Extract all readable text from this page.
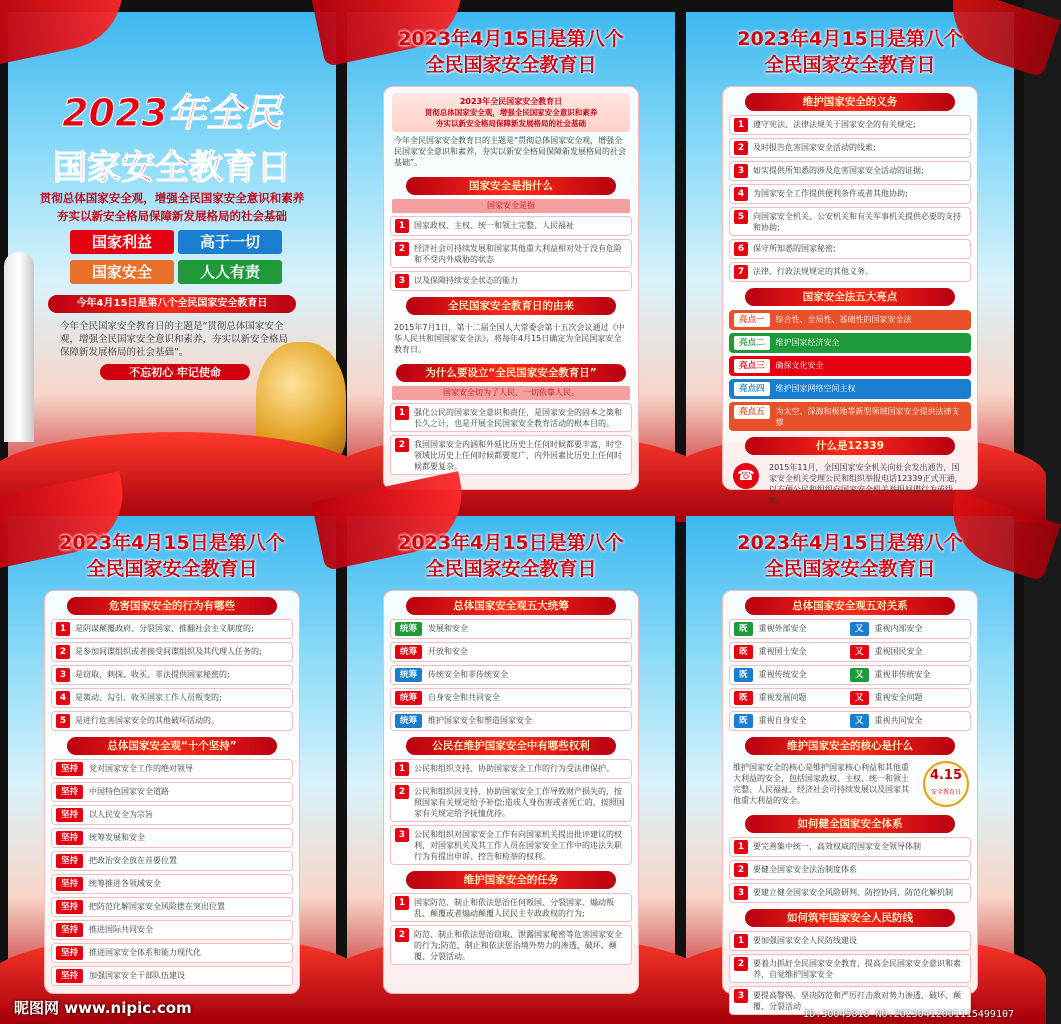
2023年全民
国家安全教育日
贯彻总体国家安全观，增强全民国家安全意识和素养
夯实以新安全格局保障新发展格局的社会基础
国家利益	高于一切
国家安全	人人有责
今年4月15日是第八个全民国家安全教育日
今年全民国家安全教育日的主题是“贯彻总体国家安全观，增强全民国家安全意识和素养，夯实以新安全格局保障新发展格局的社会基础”。
不忘初心 牢记使命
2023年4月15日是第八个
全民国家安全教育日
2023年全民国家安全教育日
贯彻总体国家安全观，增强全民国家安全意识和素养
夯实以新安全格局保障新发展格局的社会基础
今年全民国家安全教育日的主题是“贯彻总体国家安全观，增强全民国家安全意识和素养，夯实以新安全格局保障新发展格局的社会基础”。
国家安全是指什么
国家安全是指
1	国家政权、主权、统一和领土完整、人民福祉
2	经济社会可持续发展和国家其他重大利益相对处于没有危险和不受内外威胁的状态
3	以及保障持续安全状态的能力
全民国家安全教育日的由来
2015年7月1日，第十二届全国人大常委会第十五次会议通过《中华人民共和国国家安全法》，将每年4月15日确定为全民国家安全教育日。
为什么要设立“全民国家安全教育日”
国家安全切为了人民、一切依靠人民。
1	强化公民的国家安全意识和责任，是国家安全的固本之策和长久之计，也是开展全民国家安全教育活动的根本目的。
2	我国国家安全内涵和外延比历史上任何时候都要丰富，时空领域比历史上任何时候都要宽广，内外因素比历史上任何时候都要复杂。
2023年4月15日是第八个
全民国家安全教育日
维护国家安全的义务
1	遵守宪法、法律法规关于国家安全的有关规定;
2	及时报告危害国家安全活动的线索;
3	如实提供所知悉的涉及危害国家安全活动的证据;
4	为国家安全工作提供便利条件或者其他协助;
5	向国家安全机关、公安机关和有关军事机关提供必要的支持和协助;
6	保守所知悉的国家秘密;
7	法律、行政法规规定的其他义务。
国家安全法五大亮点
亮点一	综合性、全局性、基础性的国家安全法
亮点二	维护国家经济安全
亮点三	确保文化安全
亮点四	维护国家网络空间主权
亮点五	为太空、深海和极地等新型领域国家安全提供法律支撑
什么是12339
☎
2015年11月，全国国家安全机关向社会发出通告，国家安全机关受理公民和组织举报电话12339正式开通，以方便公民和组织向国家安全机关举报间谍行为或线索。
2023年4月15日是第八个
全民国家安全教育日
危害国家安全的行为有哪些
1	是阴谋颠覆政府、分裂国家、推翻社会主义制度的;
2	是参加间谍组织或者接受间谍组织及其代理人任务的;
3	是窃取、刺探、收买、非法提供国家秘密的;
4	是策动、勾引、收买国家工作人员叛变的;
5	是进行危害国家安全的其他破坏活动的。
总体国家安全观“十个坚持”
坚持	党对国家安全工作的绝对领导
坚持	中国特色国家安全道路
坚持	以人民安全为宗旨
坚持	统筹发展和安全
坚持	把政治安全放在首要位置
坚持	统筹推进各领域安全
坚持	把防范化解国家安全风险摆在突出位置
坚持	推进国际共同安全
坚持	推进国家安全体系和能力现代化
坚持	加强国家安全干部队伍建设
2023年4月15日是第八个
全民国家安全教育日
总体国家安全观五大统筹
统筹	发展和安全
统筹	开放和安全
统筹	传统安全和非传统安全
统筹	自身安全和共同安全
统筹	维护国家安全和塑造国家安全
公民在维护国家安全中有哪些权利
1	公民和组织支持、协助国家安全工作的行为受法律保护。
2	公民和组织因支持、协助国家安全工作导致财产损失的，按照国家有关规定给予补偿;造成人身伤害或者死亡的，按照国家有关规定给予抚恤优待。
3	公民和组织对国家安全工作有向国家机关提出批评建议的权利，对国家机关及其工作人员在国家安全工作中的违法失职行为有提出申诉、控告和检举的权利。
维护国家安全的任务
1	国家防范、制止和依法惩治任何叛国、分裂国家、煽动叛乱、颠覆或者煽动颠覆人民民主专政政权的行为;
2	防范、制止和依法惩治窃取、泄露国家秘密等危害国家安全的行为;防范、制止和依法惩治境外势力的渗透、破坏、颠覆、分裂活动。
2023年4月15日是第八个
全民国家安全教育日
总体国家安全观五对关系
既	重视外部安全	又	重视内部安全
既	重视国土安全	又	重视国民安全
既	重视传统安全	又	重视非传统安全
既	重视发展问题	又	重视安全问题
既	重视自身安全	又	重视共同安全
维护国家安全的核心是什么
维护国家安全的核心是维护国家核心利益和其他重大利益的安全，包括国家政权、主权、统一和领土完整、人民福祉、经济社会可持续发展以及国家其他重大利益的安全。
4.15
安全教育日
如何健全国家安全体系
1	要完善集中统一、高效权威的国家安全领导体制
2	要健全国家安全法治制度体系
3	要建立健全国家安全风险研判、防控协同、防范化解机制
如何筑牢国家安全人民防线
1	要加强国家安全人民防线建设
2	要着力抓好全民国家安全教育，提高全民国家安全意识和素养，自觉维护国家安全
3	要提高警惕、坚决防范和严厉打击敌对势力渗透、破坏、颠覆、分裂活动
昵图网 www.nipic.com	ID:30045818 NO:20230412001115499107
